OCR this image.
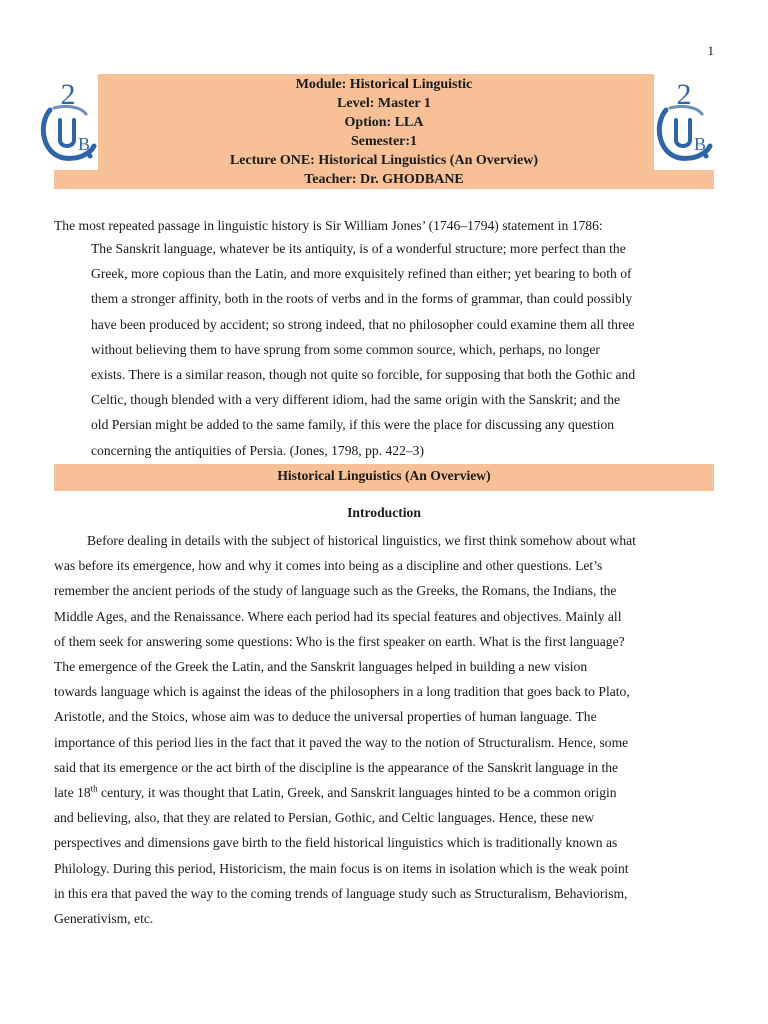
1
2
B
2
B
Module: Historical Linguistic
Level: Master 1
Option: LLA
Semester:1
Lecture ONE: Historical Linguistics (An Overview)
Teacher: Dr. GHODBANE
The most repeated passage in linguistic history is Sir William Jones’ (1746–1794) statement in 1786:
The Sanskrit language, whatever be its antiquity, is of a wonderful structure; more perfect than the
Greek, more copious than the Latin, and more exquisitely refined than either; yet bearing to both of
them a stronger affinity, both in the roots of verbs and in the forms of grammar, than could possibly
have been produced by accident; so strong indeed, that no philosopher could examine them all three
without believing them to have sprung from some common source, which, perhaps, no longer
exists. There is a similar reason, though not quite so forcible, for supposing that both the Gothic and
Celtic, though blended with a very different idiom, had the same origin with the Sanskrit; and the
old Persian might be added to the same family, if this were the place for discussing any question
concerning the antiquities of Persia. (Jones, 1798, pp. 422–3)
Historical Linguistics (An Overview)
Introduction
Before dealing in details with the subject of historical linguistics, we first think somehow about what
was before its emergence, how and why it comes into being as a discipline and other questions. Let’s
remember the ancient periods of the study of language such as the Greeks, the Romans, the Indians, the
Middle Ages, and the Renaissance. Where each period had its special features and objectives. Mainly all
of them seek for answering some questions: Who is the first speaker on earth. What is the first language?
The emergence of the Greek the Latin, and the Sanskrit languages helped in building a new vision
towards language which is against the ideas of the philosophers in a long tradition that goes back to Plato,
Aristotle, and the Stoics, whose aim was to deduce the universal properties of human language. The
importance of this period lies in the fact that it paved the way to the notion of Structuralism. Hence, some
said that its emergence or the act birth of the discipline is the appearance of the Sanskrit language in the
late 18th century, it was thought that Latin, Greek, and Sanskrit languages hinted to be a common origin
and believing, also, that they are related to Persian, Gothic, and Celtic languages. Hence, these new
perspectives and dimensions gave birth to the field historical linguistics which is traditionally known as
Philology. During this period, Historicism, the main focus is on items in isolation which is the weak point
in this era that paved the way to the coming trends of language study such as Structuralism, Behaviorism,
Generativism, etc.
